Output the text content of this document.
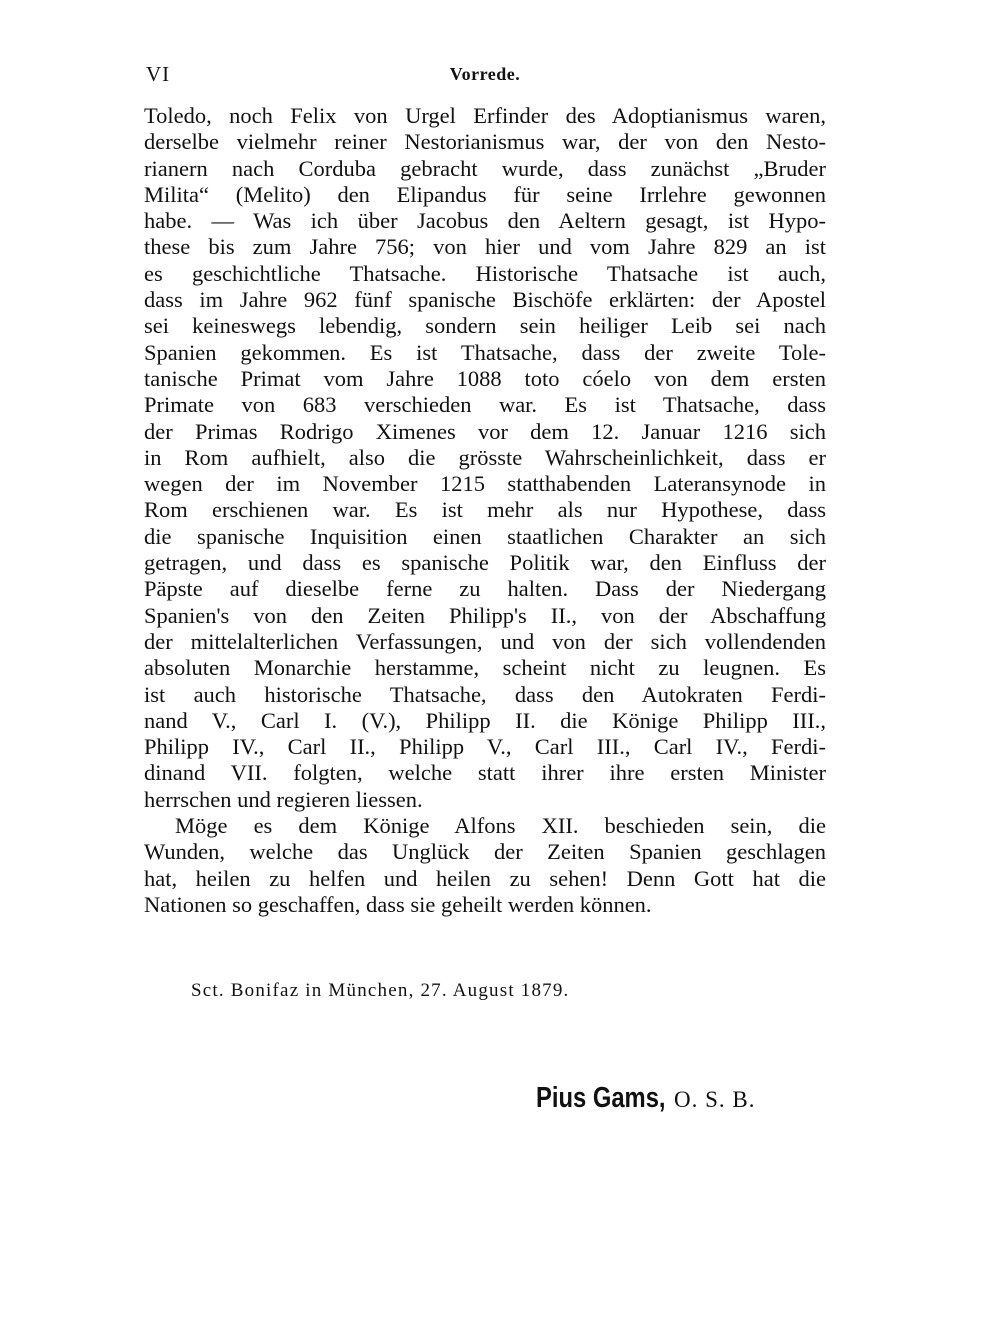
VI	Vorrede.

Toledo, noch Felix von Urgel Erfinder des Adoptianismus waren,
derselbe vielmehr reiner Nestorianismus war, der von den Nesto-
rianern nach Corduba gebracht wurde, dass zunächst „Bruder
Milita“ (Melito) den Elipandus für seine Irrlehre gewonnen
habe. — Was ich über Jacobus den Aeltern gesagt, ist Hypo-
these bis zum Jahre 756; von hier und vom Jahre 829 an ist
es geschichtliche Thatsache. Historische Thatsache ist auch,
dass im Jahre 962 fünf spanische Bischöfe erklärten: der Apostel
sei keineswegs lebendig, sondern sein heiliger Leib sei nach
Spanien gekommen. Es ist Thatsache, dass der zweite Tole-
tanische Primat vom Jahre 1088 toto cóelo von dem ersten
Primate von 683 verschieden war. Es ist Thatsache, dass
der Primas Rodrigo Ximenes vor dem 12. Januar 1216 sich
in Rom aufhielt, also die grösste Wahrscheinlichkeit, dass er
wegen der im November 1215 statthabenden Lateransynode in
Rom erschienen war. Es ist mehr als nur Hypothese, dass
die spanische Inquisition einen staatlichen Charakter an sich
getragen, und dass es spanische Politik war, den Einfluss der
Päpste auf dieselbe ferne zu halten. Dass der Niedergang
Spanien's von den Zeiten Philipp's II., von der Abschaffung
der mittelalterlichen Verfassungen, und von der sich vollendenden
absoluten Monarchie herstamme, scheint nicht zu leugnen. Es
ist auch historische Thatsache, dass den Autokraten Ferdi-
nand V., Carl I. (V.), Philipp II. die Könige Philipp III.,
Philipp IV., Carl II., Philipp V., Carl III., Carl IV., Ferdi-
dinand VII. folgten, welche statt ihrer ihre ersten Minister
herrschen und regieren liessen.

Möge es dem Könige Alfons XII. beschieden sein, die
Wunden, welche das Unglück der Zeiten Spanien geschlagen
hat, heilen zu helfen und heilen zu sehen! Denn Gott hat die
Nationen so geschaffen, dass sie geheilt werden können.

Sct. Bonifaz in München, 27. August 1879.
Pius Gams, O. S. B.
